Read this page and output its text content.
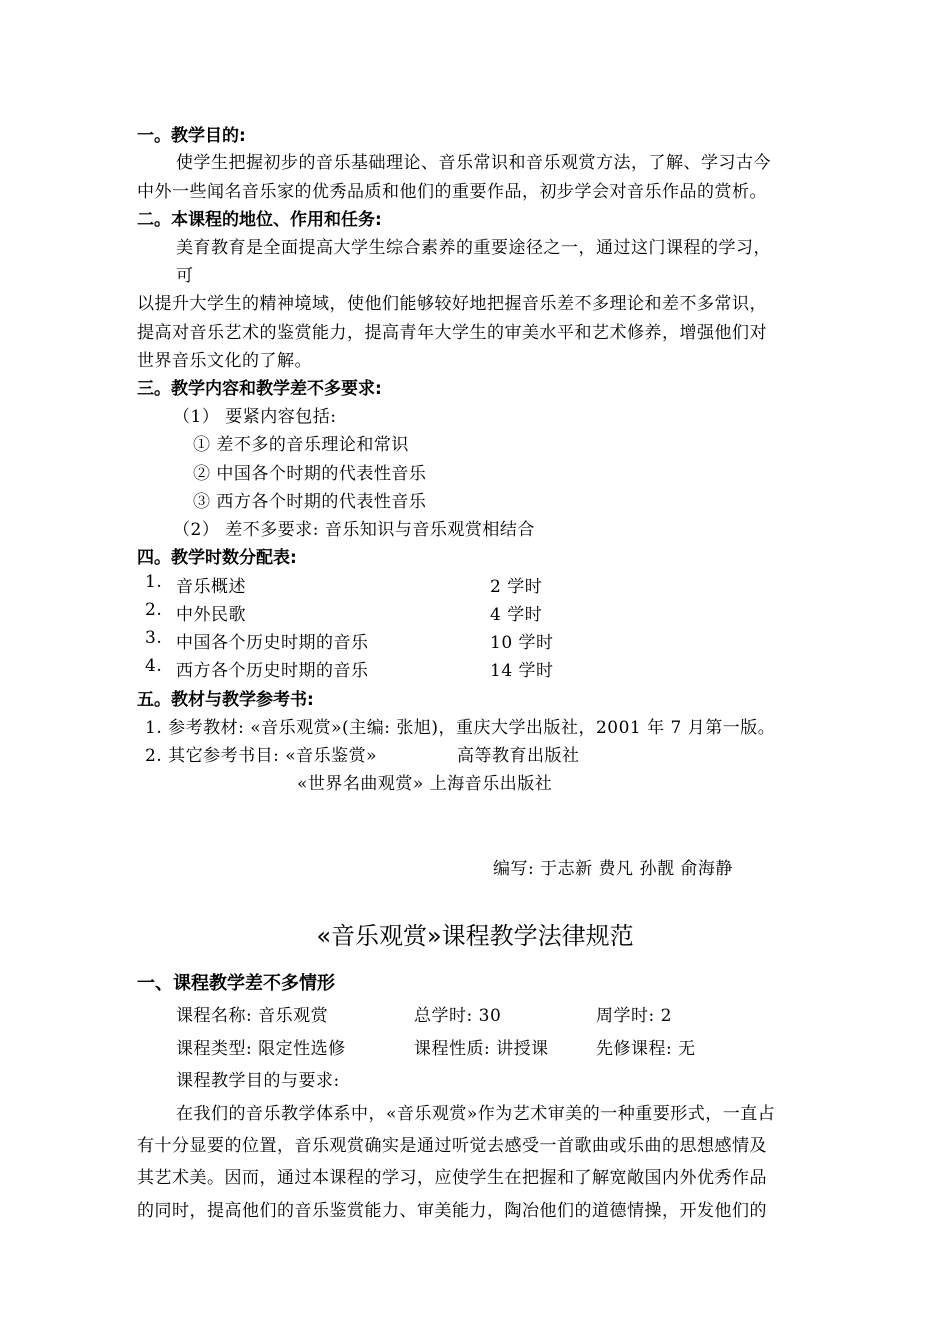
一。教学目的:
使学生把握初步的音乐基础理论、音乐常识和音乐观赏方法，了解、学习古今
中外一些闻名音乐家的优秀品质和他们的重要作品，初步学会对音乐作品的赏析。
二。本课程的地位、作用和任务:
美育教育是全面提高大学生综合素养的重要途径之一，通过这门课程的学习，
可
以提升大学生的精神境域，使他们能够较好地把握音乐差不多理论和差不多常识，
提高对音乐艺术的鉴赏能力，提高青年大学生的审美水平和艺术修养，增强他们对
世界音乐文化的了解。
三。教学内容和教学差不多要求:
（1） 要紧内容包括:
① 差不多的音乐理论和常识
② 中国各个时期的代表性音乐
③ 西方各个时期的代表性音乐
（2） 差不多要求: 音乐知识与音乐观赏相结合
四。教学时数分配表:
1. 音乐概述	2 学时
2. 中外民歌	4 学时
3. 中国各个历史时期的音乐	10 学时
4. 西方各个历史时期的音乐	14 学时
五。教材与教学参考书:
1. 参考教材: «音乐观赏»(主编: 张旭)，重庆大学出版社，2001 年 7 月第一版。
2. 其它参考书目: «音乐鉴赏»	高等教育出版社
«世界名曲观赏» 上海音乐出版社
编写: 于志新 费凡 孙靓 俞海静
«音乐观赏»课程教学法律规范
一、课程教学差不多情形
课程名称: 音乐观赏	总学时: 30	周学时: 2
课程类型: 限定性选修	课程性质: 讲授课	先修课程: 无
课程教学目的与要求:
在我们的音乐教学体系中，«音乐观赏»作为艺术审美的一种重要形式，一直占
有十分显要的位置，音乐观赏确实是通过听觉去感受一首歌曲或乐曲的思想感情及
其艺术美。因而，通过本课程的学习，应使学生在把握和了解宽敞国内外优秀作品
的同时，提高他们的音乐鉴赏能力、审美能力，陶冶他们的道德情操，开发他们的
